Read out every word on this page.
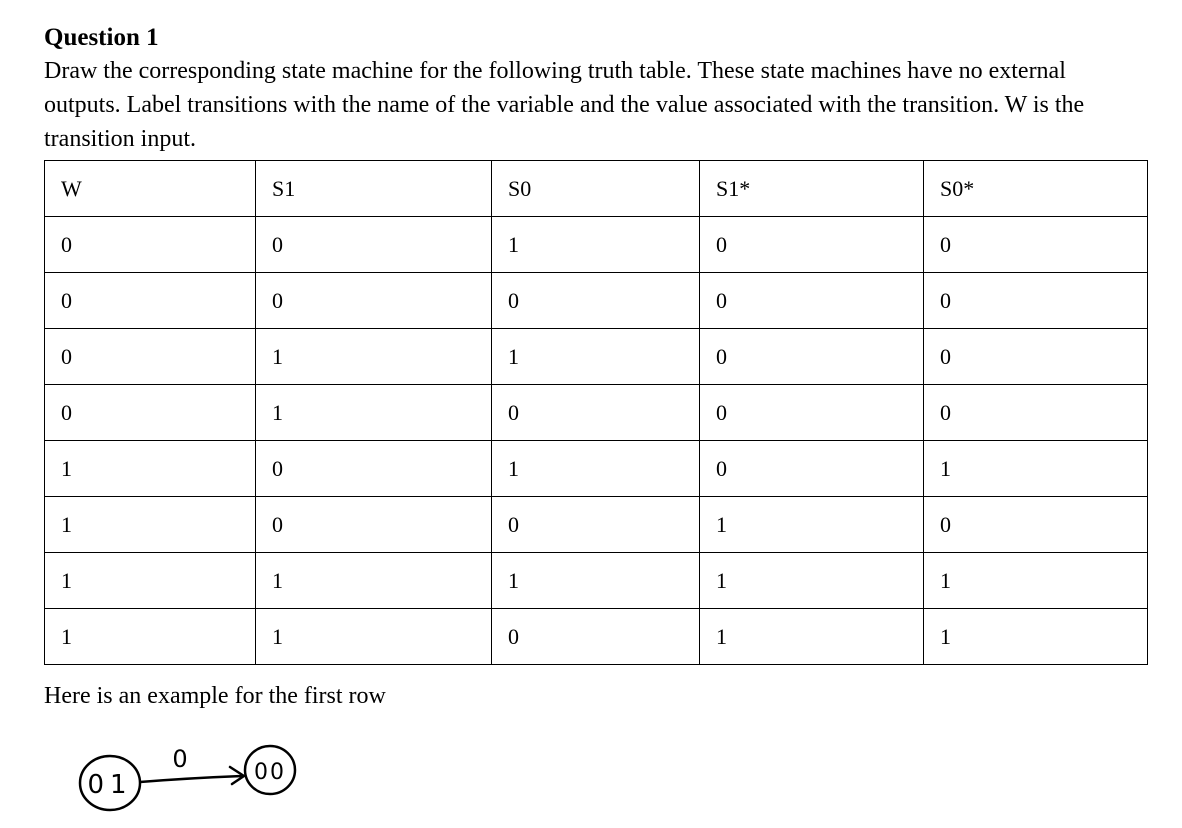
Question 1

Draw the corresponding state machine for the following truth table. These state machines have no external outputs. Label transitions with the name of the variable and the value associated with the transition. W is the transition input.

W	S1	S0	S1*	S0*
0	0	1	0	0
0	0	0	0	0
0	1	1	0	0
0	1	0	0	0
1	0	1	0	1
1	0	0	1	0
1	1	1	1	1
1	1	0	1	1

Here is an example for the first row

01
0	00
